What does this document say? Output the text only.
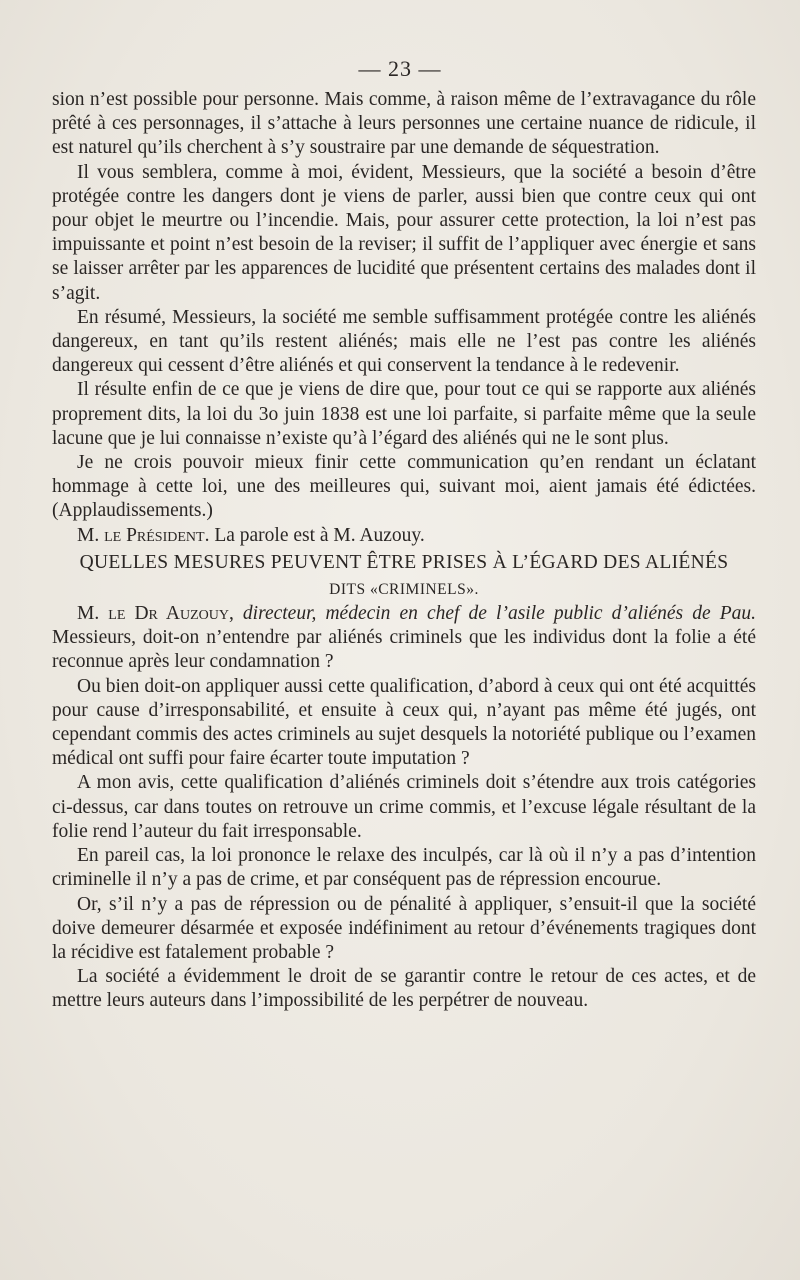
— 23 —

sion n’est possible pour personne. Mais comme, à raison même de l’extravagance du rôle prêté à ces personnages, il s’attache à leurs personnes une certaine nuance de ridicule, il est naturel qu’ils cherchent à s’y soustraire par une demande de séquestration.

Il vous semblera, comme à moi, évident, Messieurs, que la société a besoin d’être protégée contre les dangers dont je viens de parler, aussi bien que contre ceux qui ont pour objet le meurtre ou l’incendie. Mais, pour assurer cette protection, la loi n’est pas impuissante et point n’est besoin de la reviser; il suffit de l’appliquer avec énergie et sans se laisser arrêter par les apparences de lucidité que présentent certains des malades dont il s’agit.

En résumé, Messieurs, la société me semble suffisamment protégée contre les aliénés dangereux, en tant qu’ils restent aliénés; mais elle ne l’est pas contre les aliénés dangereux qui cessent d’être aliénés et qui conservent la tendance à le redevenir.

Il résulte enfin de ce que je viens de dire que, pour tout ce qui se rapporte aux aliénés proprement dits, la loi du 3o juin 1838 est une loi parfaite, si parfaite même que la seule lacune que je lui connaisse n’existe qu’à l’égard des aliénés qui ne le sont plus.

Je ne crois pouvoir mieux finir cette communication qu’en rendant un éclatant hommage à cette loi, une des meilleures qui, suivant moi, aient jamais été édictées. (Applaudissements.)

M. le Président. La parole est à M. Auzouy.

QUELLES MESURES PEUVENT ÊTRE PRISES À L’ÉGARD DES ALIÉNÉS

DITS «CRIMINELS».

M. le Dr Auzouy, directeur, médecin en chef de l’asile public d’aliénés de Pau. Messieurs, doit-on n’entendre par aliénés criminels que les individus dont la folie a été reconnue après leur condamnation ?

Ou bien doit-on appliquer aussi cette qualification, d’abord à ceux qui ont été acquittés pour cause d’irresponsabilité, et ensuite à ceux qui, n’ayant pas même été jugés, ont cependant commis des actes criminels au sujet desquels la notoriété publique ou l’examen médical ont suffi pour faire écarter toute imputation ?

A mon avis, cette qualification d’aliénés criminels doit s’étendre aux trois catégories ci-dessus, car dans toutes on retrouve un crime commis, et l’excuse légale résultant de la folie rend l’auteur du fait irresponsable.

En pareil cas, la loi prononce le relaxe des inculpés, car là où il n’y a pas d’intention criminelle il n’y a pas de crime, et par conséquent pas de répression encourue.

Or, s’il n’y a pas de répression ou de pénalité à appliquer, s’ensuit-il que la société doive demeurer désarmée et exposée indéfiniment au retour d’événements tragiques dont la récidive est fatalement probable ?

La société a évidemment le droit de se garantir contre le retour de ces actes, et de mettre leurs auteurs dans l’impossibilité de les perpétrer de nouveau.
